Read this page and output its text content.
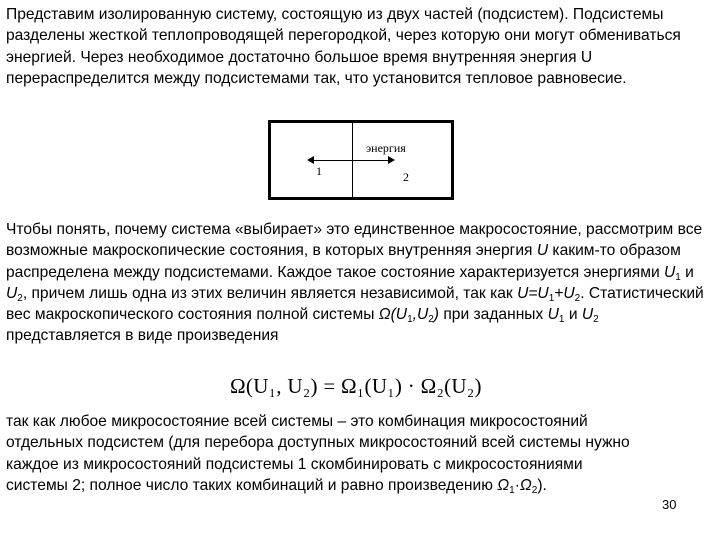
Представим изолированную систему, состоящую из двух частей (подсистем). Подсистемы разделены жесткой теплопроводящей перегородкой, через которую они могут обмениваться энергией. Через необходимое достаточно большое время внутренняя энергия U перераспределится между подсистемами так, что установится тепловое равновесие.

энергия
1	2

Чтобы понять, почему система «выбирает» это единственное макросостояние, рассмотрим все возможные макроскопические состояния, в которых внутренняя энергия U каким-то образом распределена между подсистемами. Каждое такое состояние характеризуется энергиями $U_1$ и $U_2$, причем лишь одна из этих величин является независимой, так как $U=U_1+U_2$. Статистический вес макроскопического состояния полной системы $\Omega(U_1,U_2)$ при заданных $U_1$ и $U_2$ представляется в виде произведения

Ω(U₁, U₂) = Ω₁(U₁) · Ω₂(U₂)

так как любое микросостояние всей системы – это комбинация микросостояний отдельных подсистем (для перебора доступных микросостояний всей системы нужно каждое из микросостояний подсистемы 1 скомбинировать с микросостояниями системы 2; полное число таких комбинаций и равно произведению $\Omega_1\cdot\Omega_2$).

30
